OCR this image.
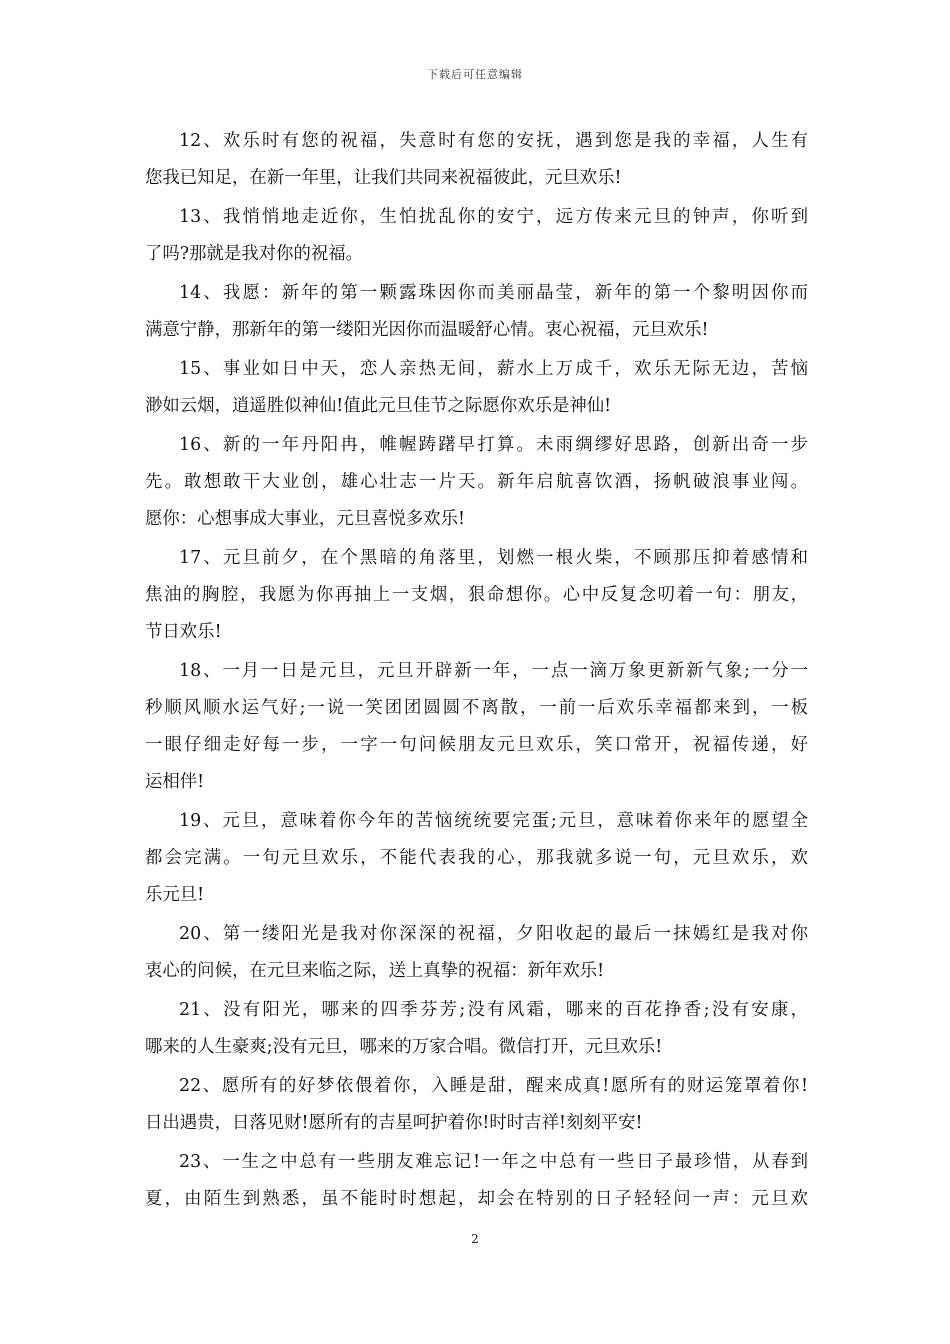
下载后可任意编辑

12、欢乐时有您的祝福，失意时有您的安抚，遇到您是我的幸福，人生有
您我已知足，在新一年里，让我们共同来祝福彼此，元旦欢乐!

13、我悄悄地走近你，生怕扰乱你的安宁，远方传来元旦的钟声，你听到
了吗?那就是我对你的祝福。

14、我愿：新年的第一颗露珠因你而美丽晶莹，新年的第一个黎明因你而
满意宁静，那新年的第一缕阳光因你而温暖舒心情。衷心祝福，元旦欢乐!

15、事业如日中天，恋人亲热无间，薪水上万成千，欢乐无际无边，苦恼
渺如云烟，逍遥胜似神仙!值此元旦佳节之际愿你欢乐是神仙!

16、新的一年丹阳冉，帷幄踌躇早打算。未雨绸缪好思路，创新出奇一步
先。敢想敢干大业创，雄心壮志一片天。新年启航喜饮酒，扬帆破浪事业闯。
愿你：心想事成大事业，元旦喜悦多欢乐!

17、元旦前夕，在个黑暗的角落里，划燃一根火柴，不顾那压抑着感情和
焦油的胸腔，我愿为你再抽上一支烟，狠命想你。心中反复念叨着一句：朋友，
节日欢乐!

18、一月一日是元旦，元旦开辟新一年，一点一滴万象更新新气象;一分一
秒顺风顺水运气好;一说一笑团团圆圆不离散，一前一后欢乐幸福都来到，一板
一眼仔细走好每一步，一字一句问候朋友元旦欢乐，笑口常开，祝福传递，好
运相伴!

19、元旦，意味着你今年的苦恼统统要完蛋;元旦，意味着你来年的愿望全
都会完满。一句元旦欢乐，不能代表我的心，那我就多说一句，元旦欢乐，欢
乐元旦!

20、第一缕阳光是我对你深深的祝福，夕阳收起的最后一抹嫣红是我对你
衷心的问候，在元旦来临之际，送上真挚的祝福：新年欢乐!

21、没有阳光，哪来的四季芬芳;没有风霜，哪来的百花挣香;没有安康，
哪来的人生豪爽;没有元旦，哪来的万家合唱。微信打开，元旦欢乐!

22、愿所有的好梦依偎着你，入睡是甜，醒来成真!愿所有的财运笼罩着你!
日出遇贵，日落见财!愿所有的吉星呵护着你!时时吉祥!刻刻平安!

23、一生之中总有一些朋友难忘记!一年之中总有一些日子最珍惜，从春到
夏，由陌生到熟悉，虽不能时时想起，却会在特别的日子轻轻问一声：元旦欢

2
